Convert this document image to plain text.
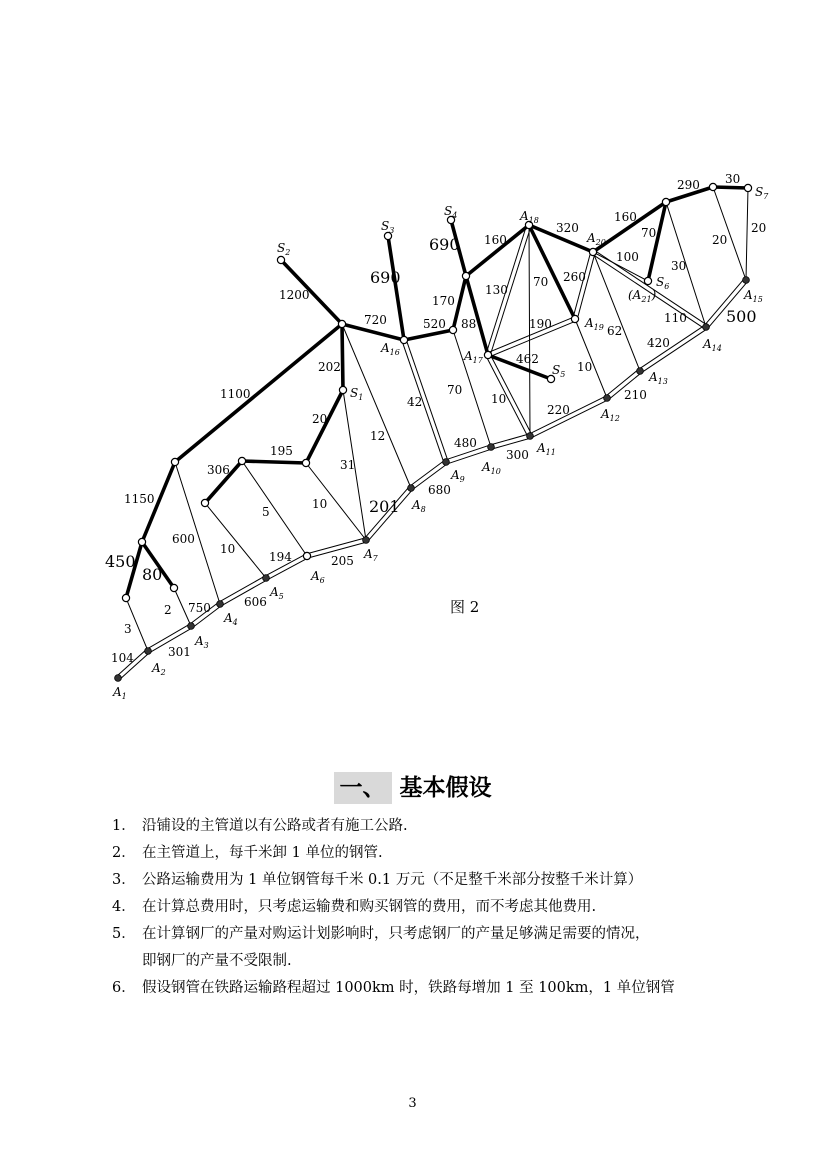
104	301
750	606
205
201
680
480
300
220
210
420
500
42	10
130
190	110
450
1150
1100
1200
202
720
20
195
306
80
690
520
170
690 160
88
462
320
260
160
70
290 30
3
2
600
10
5
10
31
12
70
70
10
62
100
30
20
20
194
$A_1$
$A_2$
$A_3$
$A_4$
$A_5$
$A_6$
$A_7$
$A_8$
$A_9$
$A_{10}$
$A_{11}$
$A_{12}$
$A_{13}$
$A_{14}$
$A_{15}$
$A_{16}$	$A_{17}$
$A_{18}$
$A_{19}$
$A_{20}$
$S_1$
$S_2$
$S_3$
$S_4$
$S_5$
$S_6$
$S_7$
$(A_{21})$
图 2
一、 基本假设
1． 沿铺设的主管道以有公路或者有施工公路.
2． 在主管道上，每千米卸 1 单位的钢管.
3． 公路运输费用为 1 单位钢管每千米 0.1 万元（不足整千米部分按整千米计算）
4． 在计算总费用时，只考虑运输费和购买钢管的费用，而不考虑其他费用.
5． 在计算钢厂的产量对购运计划影响时，只考虑钢厂的产量足够满足需要的情况，
即钢厂的产量不受限制.
6． 假设钢管在铁路运输路程超过 1000km 时，铁路每增加 1 至 100km，1 单位钢管
3
